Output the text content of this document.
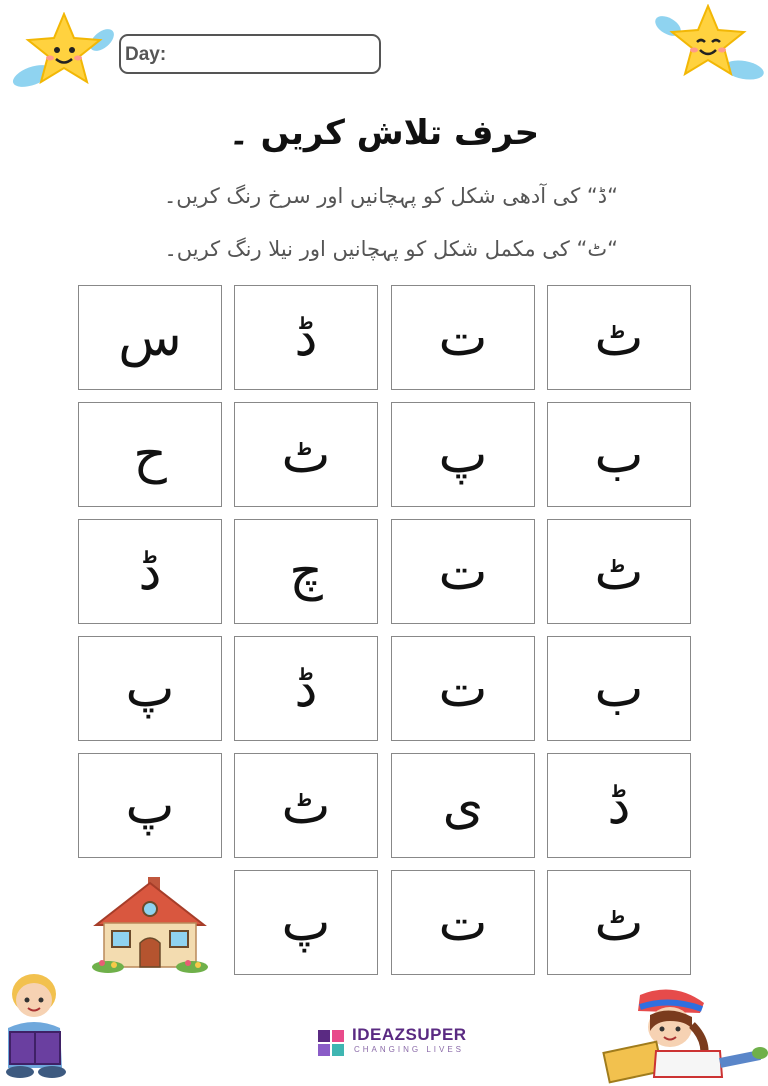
Day:
حرف تلاش کریں ۔
“ڈ“ کی آدھی شکل کو پہچانیں اور سرخ رنگ کریں۔
“ٹ“ کی مکمل شکل کو پہچانیں اور نیلا رنگ کریں۔
ٹ
ت
ڈ
س
ب
پ
ٹ
ح
ٹ
ت
چ
ڈ
ب
ت
ڈ
پ
ڈ
ی
ٹ
پ
ٹ
ت
پ
IDEAZSUPER
CHANGING LIVES
